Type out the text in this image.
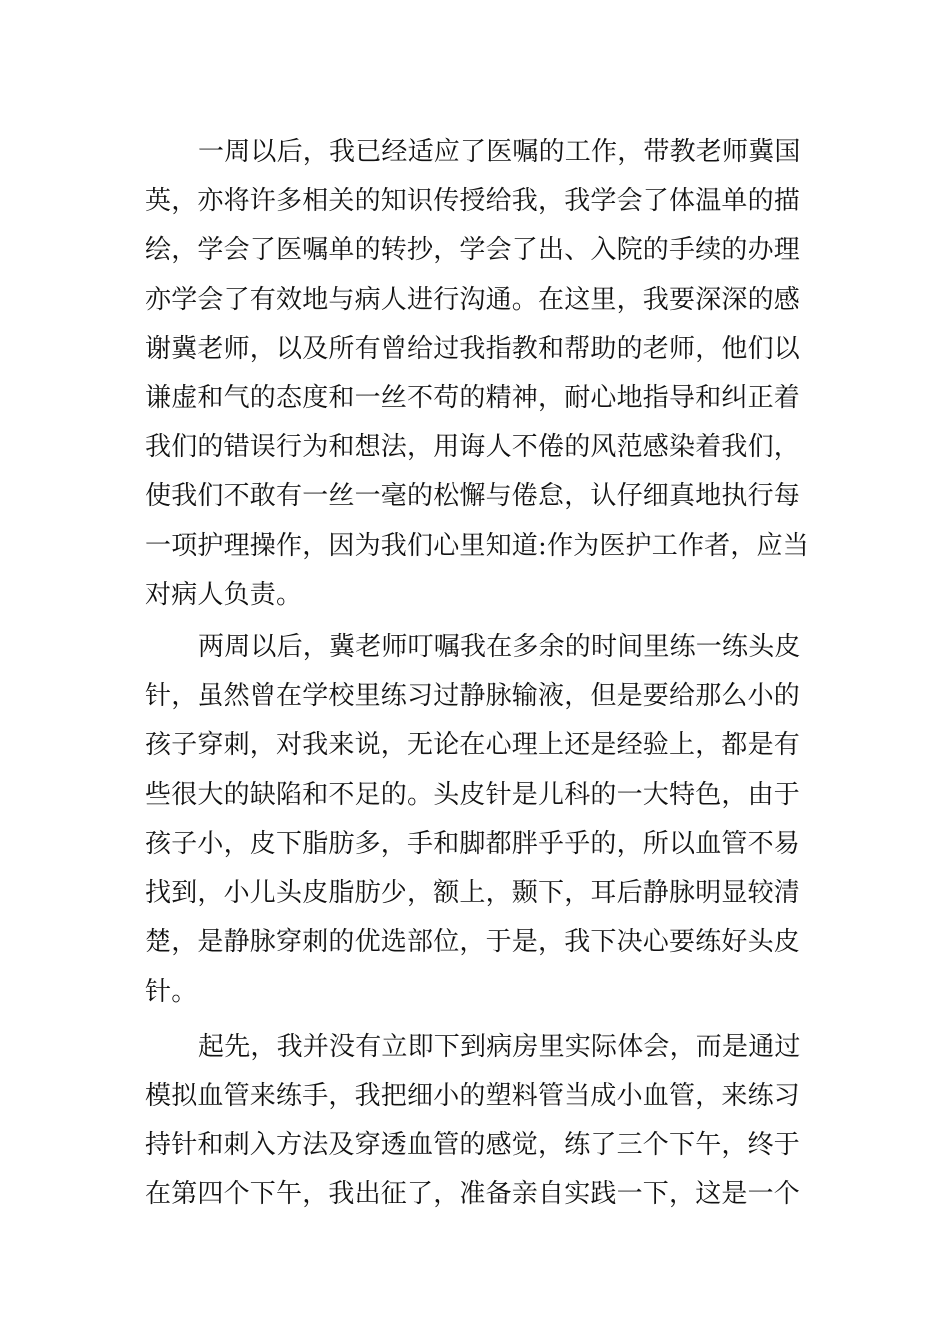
一周以后，我已经适应了医嘱的工作，带教老师冀国
英，亦将许多相关的知识传授给我，我学会了体温单的描
绘，学会了医嘱单的转抄，学会了出、入院的手续的办理
亦学会了有效地与病人进行沟通。在这里，我要深深的感
谢冀老师，以及所有曾给过我指教和帮助的老师，他们以
谦虚和气的态度和一丝不苟的精神，耐心地指导和纠正着
我们的错误行为和想法，用诲人不倦的风范感染着我们，
使我们不敢有一丝一毫的松懈与倦怠，认仔细真地执行每
一项护理操作，因为我们心里知道:作为医护工作者，应当
对病人负责。
两周以后，冀老师叮嘱我在多余的时间里练一练头皮
针，虽然曾在学校里练习过静脉输液，但是要给那么小的
孩子穿刺，对我来说，无论在心理上还是经验上，都是有
些很大的缺陷和不足的。头皮针是儿科的一大特色，由于
孩子小，皮下脂肪多，手和脚都胖乎乎的，所以血管不易
找到，小儿头皮脂肪少，额上，颞下，耳后静脉明显较清
楚，是静脉穿刺的优选部位，于是，我下决心要练好头皮
针。
起先，我并没有立即下到病房里实际体会，而是通过
模拟血管来练手，我把细小的塑料管当成小血管，来练习
持针和刺入方法及穿透血管的感觉，练了三个下午，终于
在第四个下午，我出征了，准备亲自实践一下，这是一个
